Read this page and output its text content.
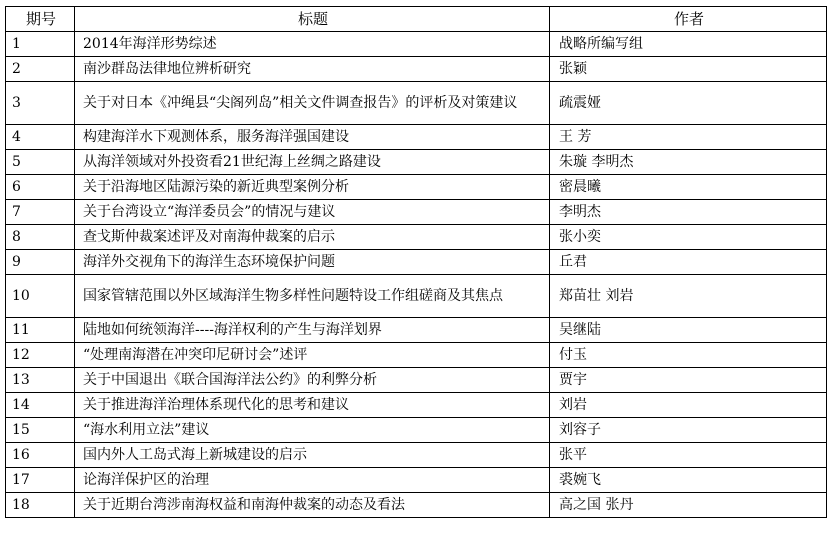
期号	标题	作者
1	2014年海洋形势综述	战略所编写组
2	南沙群岛法律地位辨析研究	张颖
3	关于对日本《冲绳县“尖阁列岛”相关文件调查报告》的评析及对策建议	疏震娅
4	构建海洋水下观测体系，服务海洋强国建设	王 芳
5	从海洋领域对外投资看21世纪海上丝绸之路建设	朱璇 李明杰
6	关于沿海地区陆源污染的新近典型案例分析	密晨曦
7	关于台湾设立“海洋委员会”的情况与建议	李明杰
8	查戈斯仲裁案述评及对南海仲裁案的启示	张小奕
9	海洋外交视角下的海洋生态环境保护问题	丘君
10	国家管辖范围以外区域海洋生物多样性问题特设工作组磋商及其焦点	郑苗壮 刘岩
11	陆地如何统领海洋----海洋权利的产生与海洋划界	吴继陆
12	“处理南海潜在冲突印尼研讨会”述评	付玉
13	关于中国退出《联合国海洋法公约》的利弊分析	贾宇
14	关于推进海洋治理体系现代化的思考和建议	刘岩
15	“海水利用立法”建议	刘容子
16	国内外人工岛式海上新城建设的启示	张平
17	论海洋保护区的治理	裘婉飞
18	关于近期台湾涉南海权益和南海仲裁案的动态及看法	高之国 张丹
